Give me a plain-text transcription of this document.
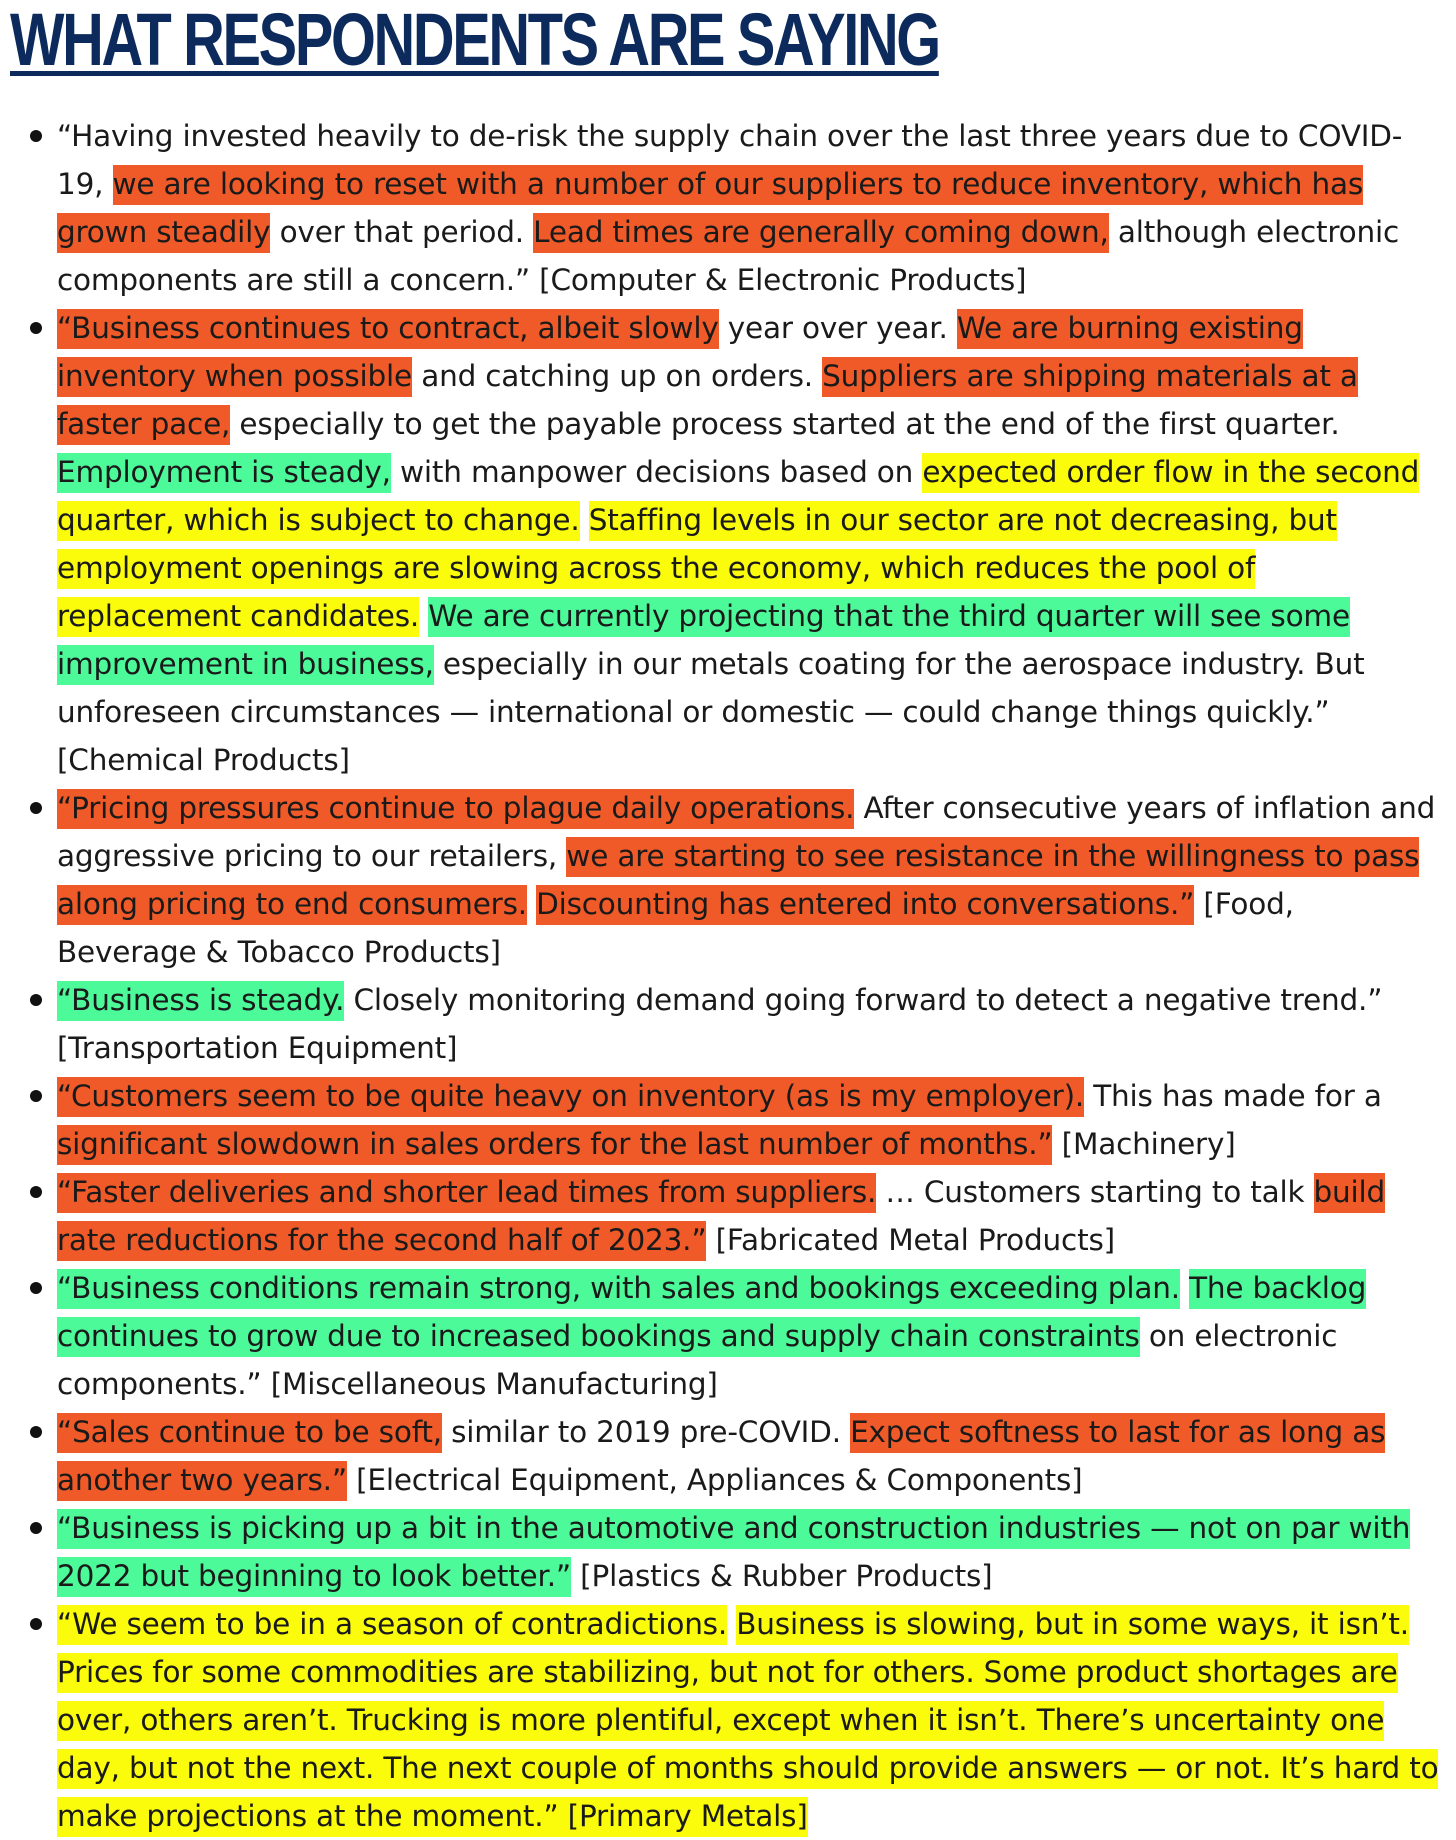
WHAT RESPONDENTS ARE SAYING
“Having invested heavily to de-risk the supply chain over the last three years due to COVID-19, we are looking to reset with a number of our suppliers to reduce inventory, which has grown steadily over that period. Lead times are generally coming down, although electronic components are still a concern.” [Computer & Electronic Products]
“Business continues to contract, albeit slowly year over year. We are burning existing inventory when possible and catching up on orders. Suppliers are shipping materials at a faster pace, especially to get the payable process started at the end of the first quarter. Employment is steady, with manpower decisions based on expected order flow in the second quarter, which is subject to change. Staffing levels in our sector are not decreasing, but employment openings are slowing across the economy, which reduces the pool of replacement candidates. We are currently projecting that the third quarter will see some improvement in business, especially in our metals coating for the aerospace industry. But unforeseen circumstances — international or domestic — could change things quickly.” [Chemical Products]
“Pricing pressures continue to plague daily operations. After consecutive years of inflation and aggressive pricing to our retailers, we are starting to see resistance in the willingness to pass along pricing to end consumers. Discounting has entered into conversations.” [Food, Beverage & Tobacco Products]
“Business is steady. Closely monitoring demand going forward to detect a negative trend.” [Transportation Equipment]
“Customers seem to be quite heavy on inventory (as is my employer). This has made for a significant slowdown in sales orders for the last number of months.” [Machinery]
“Faster deliveries and shorter lead times from suppliers. … Customers starting to talk build rate reductions for the second half of 2023.” [Fabricated Metal Products]
“Business conditions remain strong, with sales and bookings exceeding plan. The backlog continues to grow due to increased bookings and supply chain constraints on electronic components.” [Miscellaneous Manufacturing]
“Sales continue to be soft, similar to 2019 pre-COVID. Expect softness to last for as long as another two years.” [Electrical Equipment, Appliances & Components]
“Business is picking up a bit in the automotive and construction industries — not on par with 2022 but beginning to look better.” [Plastics & Rubber Products]
“We seem to be in a season of contradictions. Business is slowing, but in some ways, it isn’t. Prices for some commodities are stabilizing, but not for others. Some product shortages are over, others aren’t. Trucking is more plentiful, except when it isn’t. There’s uncertainty one day, but not the next. The next couple of months should provide answers — or not. It’s hard to make projections at the moment.” [Primary Metals]
